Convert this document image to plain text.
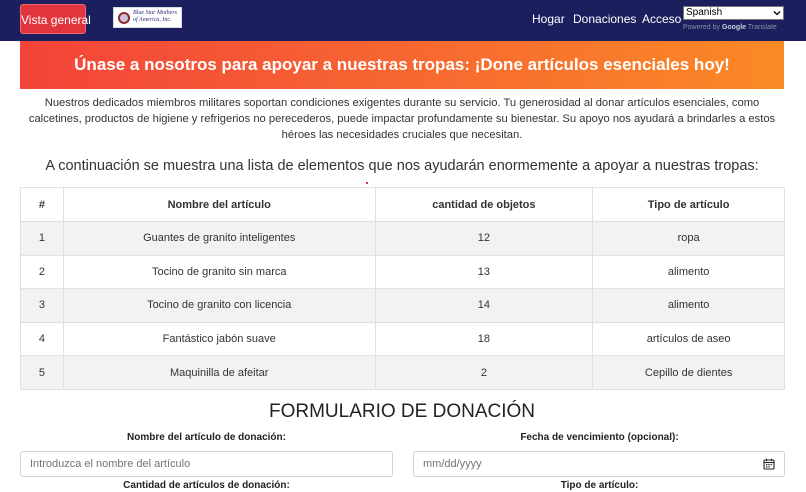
Vista general	Blue Star Mothers
of America, Inc.	Hogar Donaciones Acceso Spanish
Powered by Google Translate
Únase a nosotros para apoyar a nuestras tropas: ¡Done artículos esenciales hoy!

Nuestros dedicados miembros militares soportan condiciones exigentes durante su servicio. Tu generosidad al donar artículos esenciales, como calcetines, productos de higiene y refrigerios no perecederos, puede impactar profundamente su bienestar. Su apoyo nos ayudará a brindarles a estos héroes las necesidades cruciales que necesitan.

A continuación se muestra una lista de elementos que nos ayudarán enormemente a apoyar a nuestras tropas:
#	Nombre del artículo	cantidad de objetos	Tipo de artículo
1	Guantes de granito inteligentes	12	ropa
2	Tocino de granito sin marca	13	alimento
3	Tocino de granito con licencia	14	alimento
4	Fantástico jabón suave	18	artículos de aseo
5	Maquinilla de afeitar	2	Cepillo de dientes
FORMULARIO DE DONACIÓN
Nombre del artículo de donación:	Fecha de vencimiento (opcional):
Introduzca el nombre del artículo	mm/dd/yyyy
Cantidad de artículos de donación:	Tipo de artículo:
